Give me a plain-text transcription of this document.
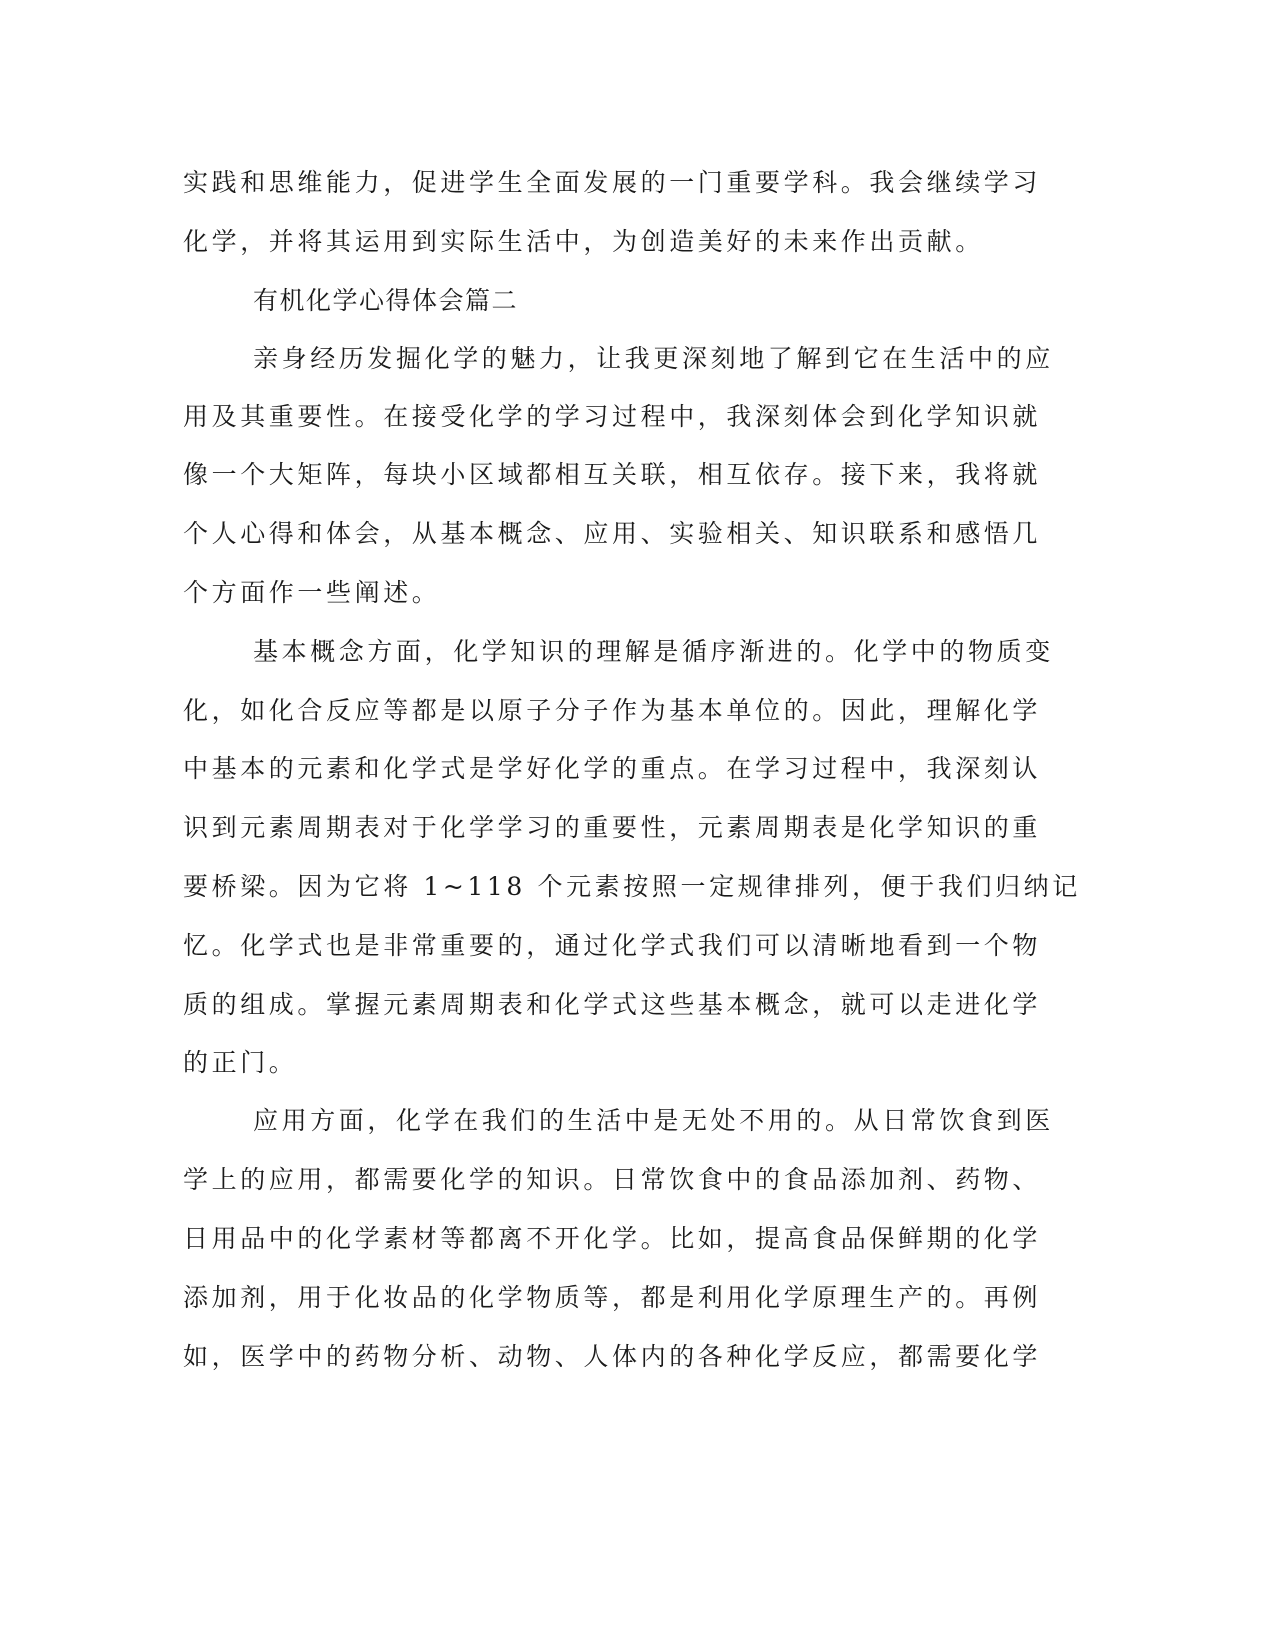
实践和思维能力，促进学生全面发展的一门重要学科。我会继续学习
化学，并将其运用到实际生活中，为创造美好的未来作出贡献。
有机化学心得体会篇二
亲身经历发掘化学的魅力，让我更深刻地了解到它在生活中的应
用及其重要性。在接受化学的学习过程中，我深刻体会到化学知识就
像一个大矩阵，每块小区域都相互关联，相互依存。接下来，我将就
个人心得和体会，从基本概念、应用、实验相关、知识联系和感悟几
个方面作一些阐述。
基本概念方面，化学知识的理解是循序渐进的。化学中的物质变
化，如化合反应等都是以原子分子作为基本单位的。因此，理解化学
中基本的元素和化学式是学好化学的重点。在学习过程中，我深刻认
识到元素周期表对于化学学习的重要性，元素周期表是化学知识的重
要桥梁。因为它将 1~118 个元素按照一定规律排列，便于我们归纳记
忆。化学式也是非常重要的，通过化学式我们可以清晰地看到一个物
质的组成。掌握元素周期表和化学式这些基本概念，就可以走进化学
的正门。
应用方面，化学在我们的生活中是无处不用的。从日常饮食到医
学上的应用，都需要化学的知识。日常饮食中的食品添加剂、药物、
日用品中的化学素材等都离不开化学。比如，提高食品保鲜期的化学
添加剂，用于化妆品的化学物质等，都是利用化学原理生产的。再例
如，医学中的药物分析、动物、人体内的各种化学反应，都需要化学
